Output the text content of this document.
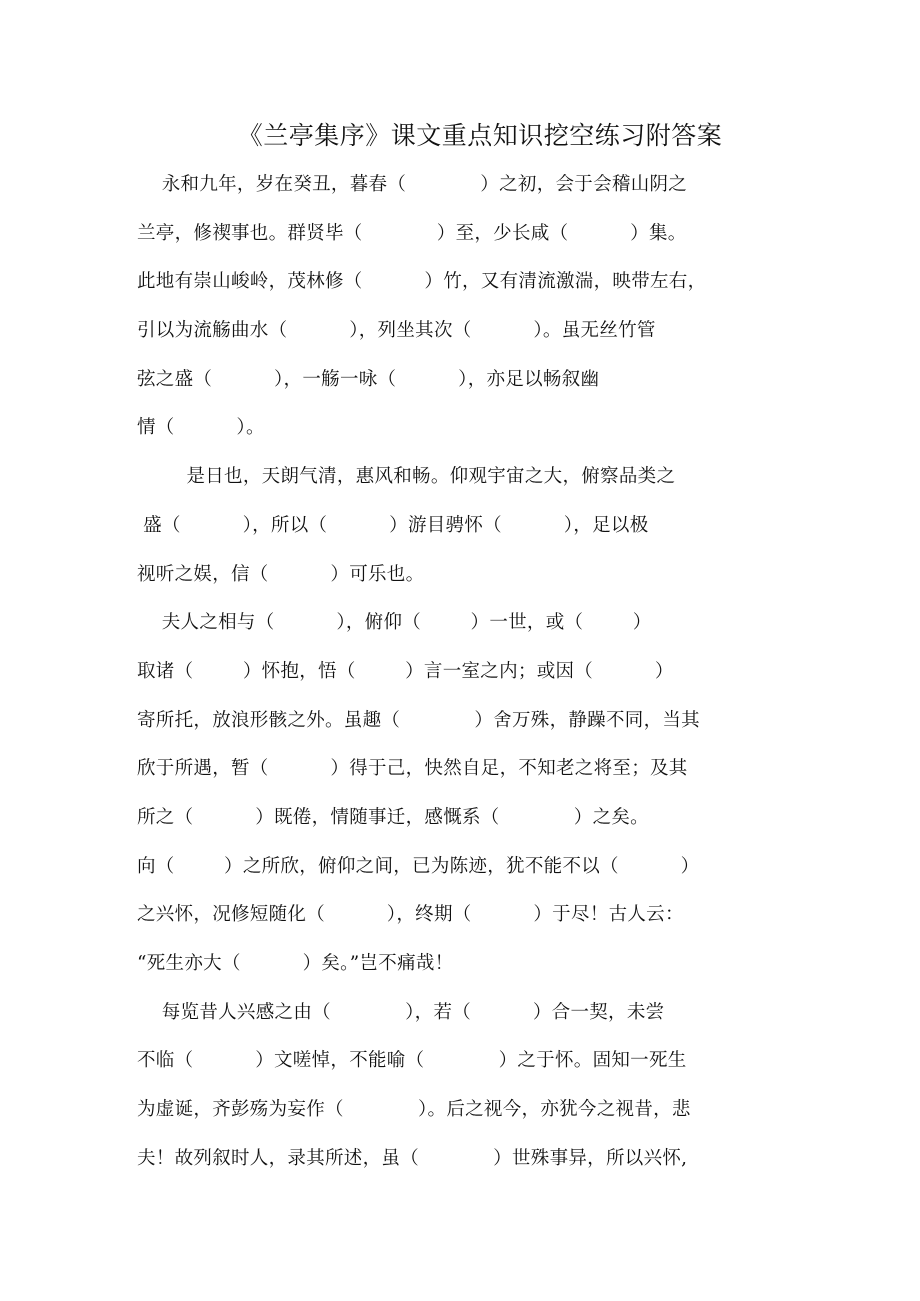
《兰亭集序》课文重点知识挖空练习附答案
永和九年，岁在癸丑，暮春（            ）之初，会于会稽山阴之
兰亭，修禊事也。群贤毕（            ）至，少长咸（          ）集。
此地有崇山峻岭，茂林修（          ）竹，又有清流激湍，映带左右，
引以为流觞曲水（          ），列坐其次（          ）。虽无丝竹管
弦之盛（          ），一觞一咏（          ），亦足以畅叙幽
情（          ）。
是日也，天朗气清，惠风和畅。仰观宇宙之大，俯察品类之
盛（          ），所以（          ）游目骋怀（          ），足以极
视听之娱，信（          ）可乐也。
夫人之相与（          ），俯仰（        ）一世，或（        ）
取诸（        ）怀抱，悟（        ）言一室之内；或因（          ）
寄所托，放浪形骸之外。虽趣（            ）舍万殊，静躁不同，当其
欣于所遇，暂（          ）得于己，快然自足，不知老之将至；及其
所之（          ）既倦，情随事迁，感慨系（            ）之矣。
向（        ）之所欣，俯仰之间，已为陈迹，犹不能不以（          ）
之兴怀，况修短随化（          ），终期（          ）于尽！古人云：
“死生亦大（          ）矣。”岂不痛哉！
每览昔人兴感之由（            ），若（          ）合一契，未尝
不临（          ）文嗟悼，不能喻（            ）之于怀。固知一死生
为虚诞，齐彭殇为妄作（            ）。后之视今，亦犹今之视昔，悲
夫！故列叙时人，录其所述，虽（            ）世殊事异，所以兴怀,
